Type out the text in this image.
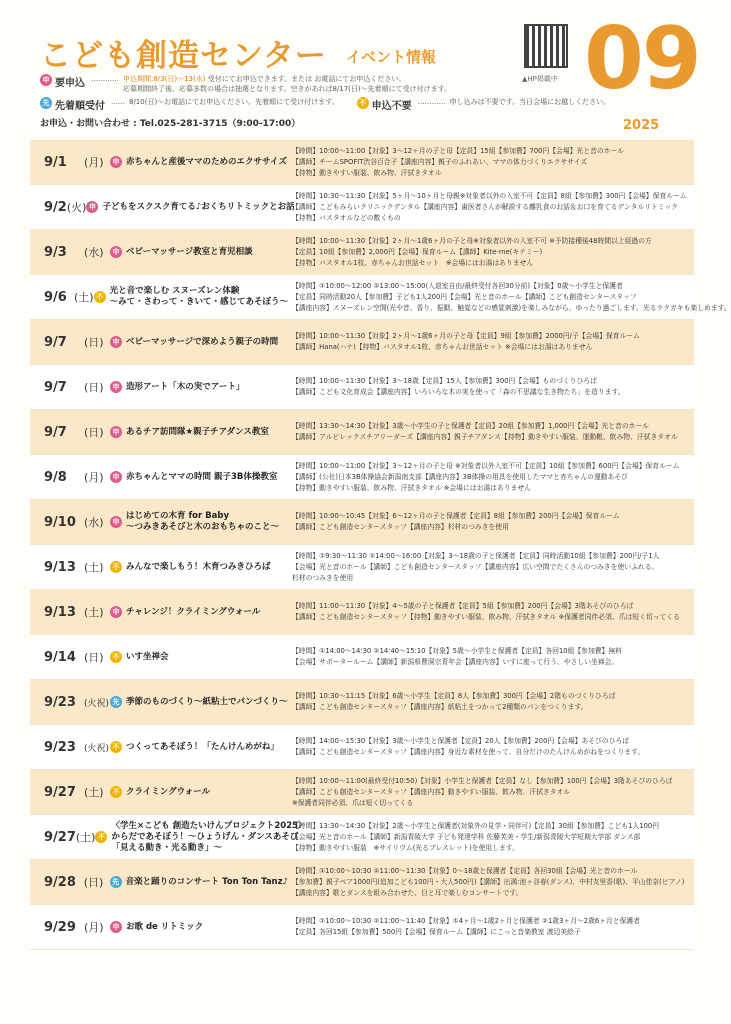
こども創造センター イベント情報
▲HP掲載中 09
2025
申 要申込 ………… 申込期間:8/3(日)〜13(水) 受付にてお申込できます。または お電話にてお申込ください。
応募期間終了後、応募多数の場合は抽選となります。空きがあれば8/17(日)〜先着順にて受け付けます。
先 先着順受付 …… 8/10(日)〜お電話にてお申込ください。先着順にて受け付けます。	不 申込不要 ………… 申し込みは不要です。当日会場にお越しください。
お申込・お問い合わせ : Tel.025-281-3715（9:00-17:00）
9/1	(月)	申 赤ちゃんと産後ママのためのエクササイズ
【時間】10:00〜11:00【対象】3〜12ヶ月の子と母【定員】15組【参加費】700円【会場】光と音のホール
【講師】チームSPOFIT渋谷百合子【講座内容】親子のふれあい、ママの体力づくりエクササイズ
【持物】動きやすい服装、飲み物、汗拭きタオル
9/2 (火) 申 子どもをスクスク育てる♪おくちリトミックとお話
【時間】10:30〜11:30【対象】5ヶ月〜10ヶ月と母親※対象者以外の入室不可【定員】8組【参加費】300円【会場】保育ルーム
【講師】こどもみらいクリニックデンタル【講座内容】歯医者さんが解説する離乳食のお話＆お口を育てるデンタルリトミック
【持物】バスタオルなどの敷くもの
9/3	(水)	申 ベビーマッサージ教室と育児相談
【時間】10:00〜11:30【対象】2ヶ月〜1歳6ヶ月の子と母※対象者以外の入室不可 ※予防接種後48時間以上経過の方
【定員】10組【参加費】2,000円【会場】保育ルーム【講師】Kite-me(キテミー)
【持物】バスタオル1枚、赤ちゃんお世話セット　※会場にはお湯はありません
9/6 (土) 不
光と音で楽しむ スヌーズレン体験
〜みて・さわって・きいて・感じてあそぼう〜
【時間】①10:00〜12:00 ②13:00〜15:00(入退室自由/最終受付各回30分前)【対象】0歳〜小学生と保護者
【定員】同時活動20人【参加費】子ども1人200円【会場】光と音のホール【講師】こども創造センタースタッフ
【講座内容】スヌーズレン空間(光や音、香り、振動、触覚などの感覚刺激)を楽しみながら、ゆったり過ごします。光るラクガキも楽しめます。
9/7	(日)	申 ベビーマッサージで深めよう親子の時間
【時間】10:00〜11:30【対象】2ヶ月〜1歳6ヶ月の子と母【定員】9組【参加費】2000円/子【会場】保育ルーム
【講師】Hana(ハナ)【持物】バスタオル1枚、赤ちゃんお世話セット ※会場にはお湯はありません
9/7	(日)	申 造形アート「木の実でアート」
【時間】10:00〜11:30【対象】3〜18歳【定員】15人【参加費】300円【会場】ものづくりひろば
【講師】こども文化育成会【講座内容】いろいろな木の実を使って「森の不思議な生き物たち」を造ります。
9/7	(日)	申 あるチア訪問隊★親子チアダンス教室
【時間】13:30〜14:30【対象】3歳〜小学生の子と保護者【定員】20組【参加費】1,000円【会場】光と音のホール
【講師】アルビレックスチアリーダーズ【講座内容】親子チアダンス【持物】動きやすい服装、運動靴、飲み物、汗拭きタオル
9/8	(月)	申 赤ちゃんとママの時間 親子3B体操教室
【時間】10:00〜11:00【対象】3〜12ヶ月の子と母 ※対象者以外入室不可【定員】10組【参加費】600円【会場】保育ルーム
【講師】(公社)日本3B体操協会新潟南支部【講座内容】3B体操の用具を使用したママと赤ちゃんの運動あそび
【持物】動きやすい服装、飲み物、汗拭きタオル ※会場にはお湯はありません
9/10 (水)	申
はじめての木育 for Baby
〜つみきあそびと木のおもちゃのこと〜
【時間】10:00〜10:45【対象】6〜12ヶ月の子と保護者【定員】8組【参加費】200円【会場】保育ルーム
【講師】こども創造センタースタッフ【講座内容】杉材のつみきを使用
9/13 (土)	不 みんなで楽しもう！木育つみきひろば
【時間】①9:30〜11:30 ②14:00〜16:00【対象】3〜18歳の子と保護者【定員】同時活動10組【参加費】200円/子1人
【会場】光と音のホール【講師】こども創造センタースタッフ【講座内容】広い空間でたくさんのつみきを使いふれる。
杉材のつみきを使用
9/13 (土)	申 チャレンジ！クライミングウォール
【時間】11:00〜11:30【対象】4〜5歳の子と保護者【定員】5組【参加費】200円【会場】3階あそびのひろば
【講師】こども創造センタースタッフ【持物】動きやすい服装、飲み物、汗拭きタオル ※保護者同伴必須、爪は短く切ってくる
9/14 (日)	不 いす坐禅会
【時間】①14:00〜14:30 ②14:40〜15:10【対象】5歳〜小学生と保護者【定員】各回10組【参加費】無料
【会場】サポータールーム【講師】新潟県曹洞宗青年会【講座内容】いすに座って行う、やさしい坐禅会。
9/23 (火祝) 先 季節のものづくり〜紙粘土でパンづくり〜
【時間】10:30〜11:15【対象】6歳〜小学生【定員】8人【参加費】300円【会場】2階ものづくりひろば
【講師】こども創造センタースタッフ【講座内容】紙粘土をつかって2種類のパンをつくります。
9/23 (火祝) 不 つくってあそぼう！「たんけんめがね」
【時間】14:00〜15:30【対象】3歳〜小学生と保護者【定員】20人【参加費】200円【会場】あそびのひろば
【講師】こども創造センタースタッフ【講座内容】身近な素材を使って、自分だけのたんけんめがねをつくります。
9/27 (土)	不 クライミングウォール
【時間】10:00〜11:00(最終受付10:50)【対象】小学生と保護者【定員】なし【参加費】100円【会場】3階あそびのひろば
【講師】こども創造センタースタッフ【講座内容】動きやすい服装、飲み物、汗拭きタオル
※保護者同伴必須、爪は短く切ってくる
9/27 (土) 不
〈学生×こども 創造たいけんプロジェクト2025〉
からだであそぼう！〜ひょうげん・ダンスあそび
「見える動き・光る動き」〜
【時間】13:30〜14:30【対象】2歳〜小学生と保護者(対象外の見学・同伴可)【定員】30組【参加費】こども1人100円
【会場】光と音のホール【講師】新潟青陵大学 子ども発達学科 佐藤芙美・学生/新潟青陵大学短期大学部 ダンス部
【持物】動きやすい服装　※サイリウム(光るブレスレット)を使用します。
9/28 (日)	先 音楽と踊りのコンサート Ton Ton Tanz♪
【時間】①10:00〜10:30 ②11:00〜11:30【対象】0〜18歳と保護者【定員】各回30組【会場】光と音のホール
【参加費】親子ペア1000円(追加こども100円・大人500円)【講師】出満:池ヶ谷春(ダンス)、中村友里香(歌)、平山佳奈(ピアノ)
【講座内容】歌とダンスを組み合わせた、目と耳で楽しむコンサートです。
9/29 (月)	申 お歌 de リトミック
【時間】①10:00〜10:30 ②11:00〜11:40【対象】①4ヶ月〜1歳2ヶ月と保護者 ②1歳3ヶ月〜2歳6ヶ月と保護者
【定員】各回15組【参加費】500円【会場】保育ルーム【講師】にこっと音楽教室 渡辺美絵子
